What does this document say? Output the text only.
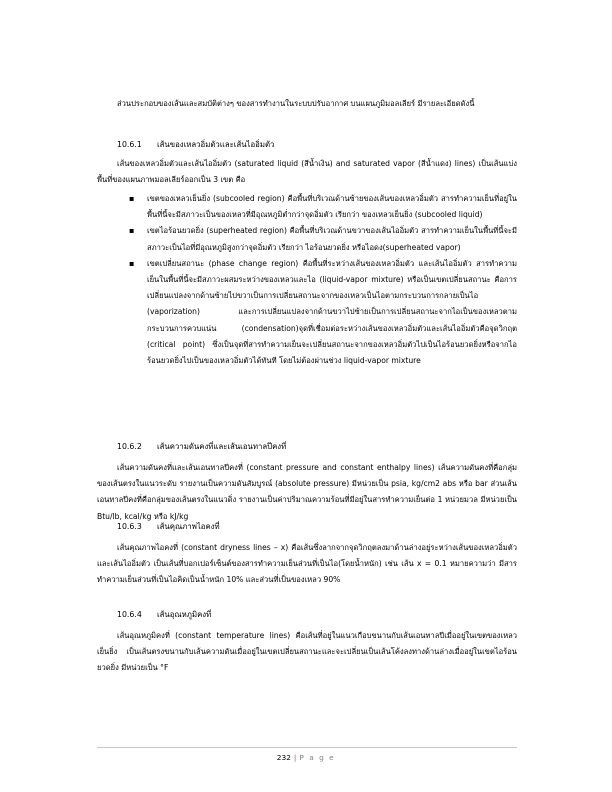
ส่วนประกอบของเส้นและสมบัติต่างๆ ของสารทำงานในระบบปรับอากาศ บนแผนภูมิมอลเลียร์ มีรายละเอียดดังนี้

10.6.1 เส้นของเหลวอิ่มตัวและเส้นไออิ่มตัว

เส้นของเหลวอิ่มตัวและเส้นไออิ่มตัว (saturated liquid (สีน้ำเงิน) and saturated vapor (สีน้ำแดง) lines) เป็นเส้นแบ่งพื้นที่ของแผนภาพมอลเลียร์ออกเป็น 3 เขต คือ

▪ เขตของเหลวเย็นยิ่ง (subcooled region) คือพื้นที่บริเวณด้านซ้ายของเส้นของเหลวอิ่มตัว สารทำความเย็นที่อยู่ในพื้นที่นี้จะมีสภาวะเป็นของเหลวที่มีอุณหภูมิต่ำกว่าจุดอิ่มตัว เรียกว่า ของเหลวเย็นยิ่ง (subcooled liquid)
▪ เขตไอร้อนยวดยิ่ง (superheated region) คือพื้นที่บริเวณด้านขวาของเส้นไออิ่มตัว สารทำความเย็นในพื้นที่นี้จะมีสภาวะเป็นไอที่มีอุณหภูมิสูงกว่าจุดอิ่มตัว เรียกว่า ไอร้อนยวดยิ่ง หรือไอดง(superheated vapor)
▪ เขตเปลี่ยนสถานะ (phase change region) คือพื้นที่ระหว่างเส้นของเหลวอิ่มตัว และเส้นไออิ่มตัว สารทำความเย็นในพื้นที่นี้จะมีสภาวะผสมระหว่างของเหลวและไอ (liquid-vapor mixture) หรือเป็นเขตเปลี่ยนสถานะ คือการเปลี่ยนแปลงจากด้านซ้ายไปขวาเป็นการเปลี่ยนสถานะจากของเหลวเป็นไอตามกระบวนการกลายเป็นไอ (vaporization) และการเปลี่ยนแปลงจากด้านขวาไปซ้ายเป็นการเปลี่ยนสถานะจากไอเป็นของเหลวตามกระบวนการควบแน่น (condensation)จุดที่เชื่อมต่อระหว่างเส้นของเหลวอิ่มตัวและเส้นไออิ่มตัวคือจุดวิกฤต (critical point) ซึ่งเป็นจุดที่สารทำความเย็นจะเปลี่ยนสถานะจากของเหลวอิ่มตัวไปเป็นไอร้อนยวดยิ่งหรือจากไอร้อนยวดยิ่งไปเป็นของเหลวอิ่มตัวได้ทันที โดยไม่ต้องผ่านช่วง liquid-vapor mixture

10.6.2 เส้นความดันคงที่และเส้นเอนทาลปีคงที่

เส้นความดันคงที่และเส้นเอนทาลปีคงที่ (constant pressure and constant enthalpy lines) เส้นความดันคงที่คือกลุ่มของเส้นตรงในแนวระดับ รายงานเป็นความดันสัมบูรณ์ (absolute pressure) มีหน่วยเป็น psia, kg/cm2 abs หรือ bar ส่วนเส้นเอนทาลปีคงที่คือกลุ่มของเส้นตรงในแนวดิ่ง รายงานเป็นค่าปริมาณความร้อนที่มีอยู่ในสารทำความเย็นต่อ 1 หน่วยมวล มีหน่วยเป็น Btu/lb, kcal/kg หรือ kJ/kg

10.6.3 เส้นคุณภาพไอคงที่

เส้นคุณภาพไอคงที่ (constant dryness lines – x) คือเส้นซึ่งลากจากจุดวิกฤตลงมาด้านล่างอยู่ระหว่างเส้นของเหลวอิ่มตัวและเส้นไออิ่มตัว เป็นเส้นที่บอกเปอร์เซ็นต์ของสารทำความเย็นส่วนที่เป็นไอ(โดยน้ำหนัก) เช่น เส้น x = 0.1 หมายความว่า มีสารทำความเย็นส่วนที่เป็นไอคิดเป็นน้ำหนัก 10% และส่วนที่เป็นของเหลว 90%

10.6.4 เส้นอุณหภูมิคงที่

เส้นอุณหภูมิคงที่ (constant temperature lines) คือเส้นที่อยู่ในแนวเกือบขนานกับเส้นเอนทาลปีเมื่ออยู่ในเขตของเหลวเย็นยิ่ง เป็นเส้นตรงขนานกับเส้นความดันเมื่ออยู่ในเขตเปลี่ยนสถานะและจะเปลี่ยนเป็นเส้นโค้งลงทางด้านล่างเมื่ออยู่ในเขตไอร้อนยวดยิ่ง มีหน่วยเป็น °F

232 | P a g e
